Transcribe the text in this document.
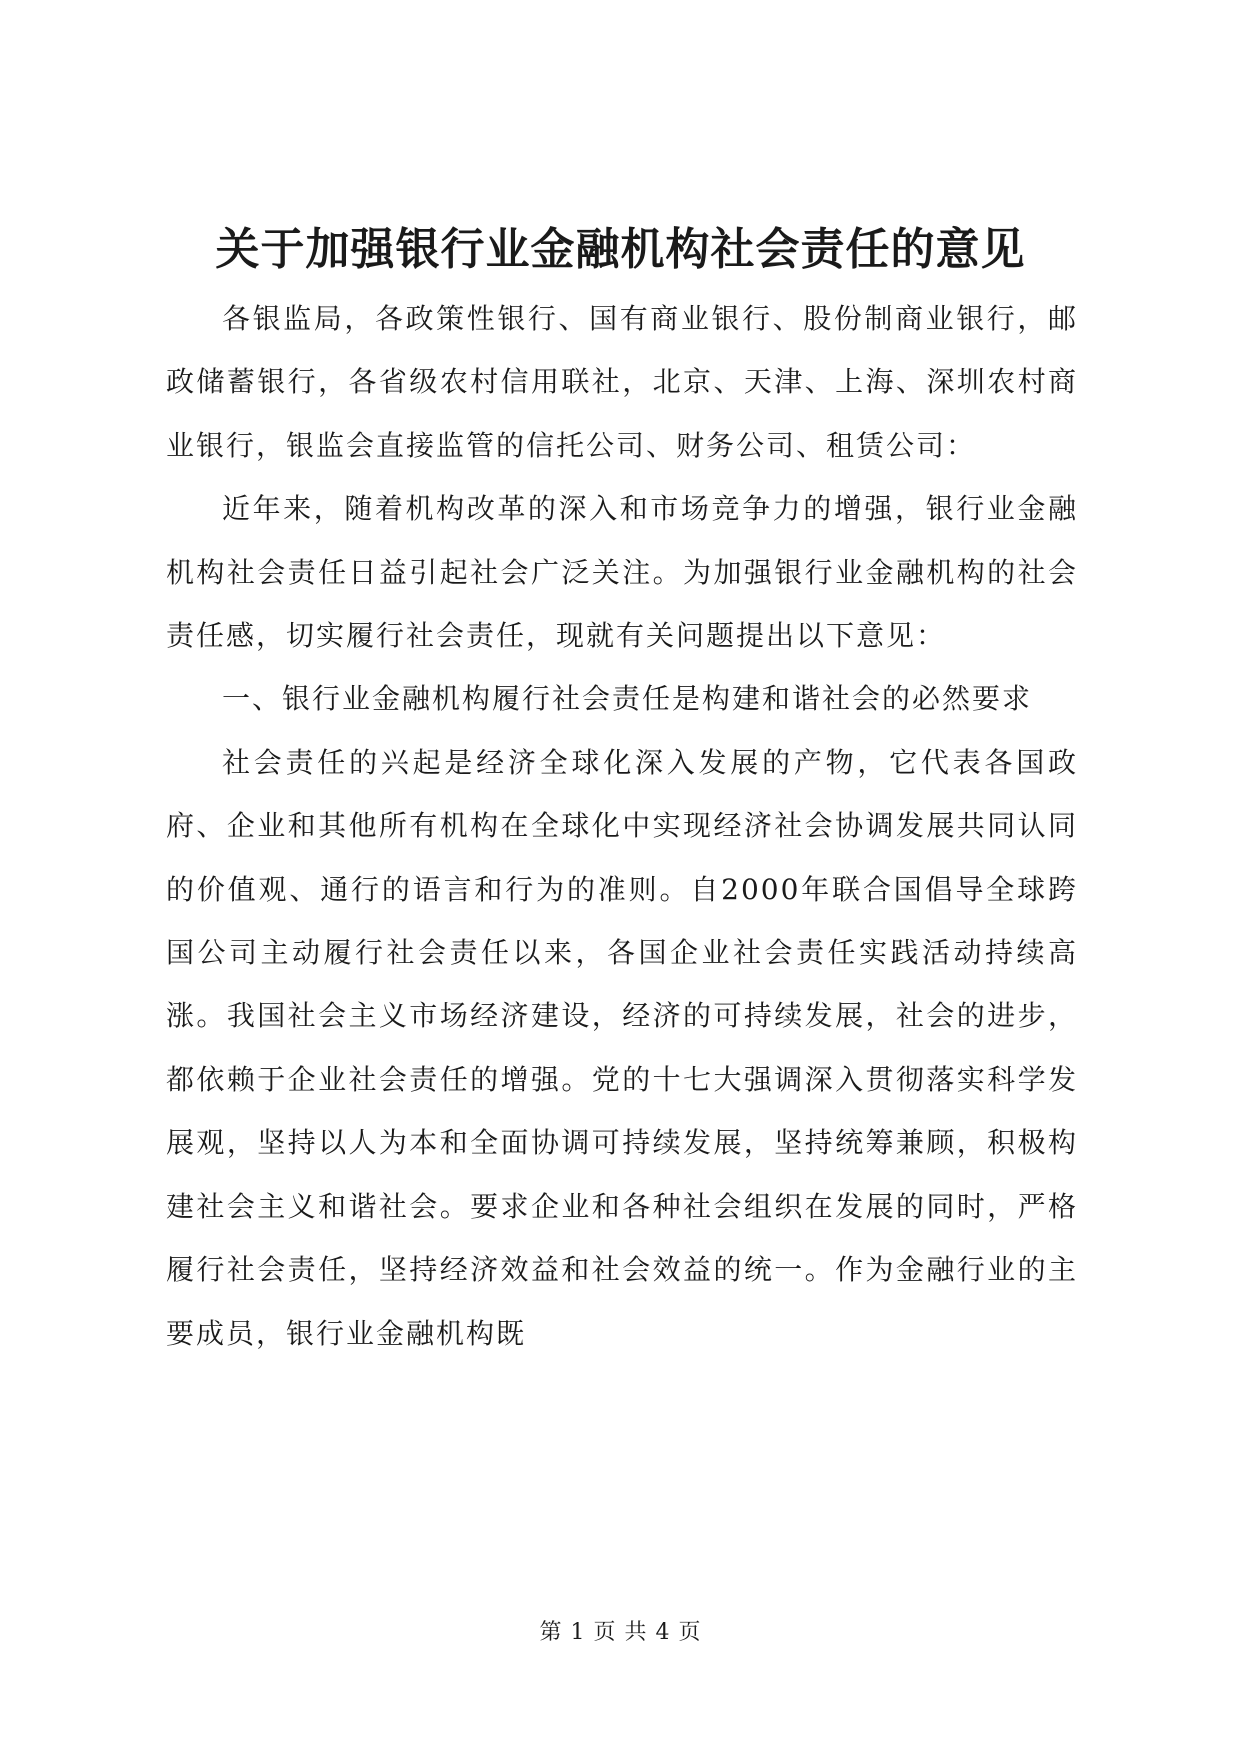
关于加强银行业金融机构社会责任的意见

各银监局，各政策性银行、国有商业银行、股份制商业银行，邮政储蓄银行，各省级农村信用联社，北京、天津、上海、深圳农村商业银行，银监会直接监管的信托公司、财务公司、租赁公司：

近年来，随着机构改革的深入和市场竞争力的增强，银行业金融机构社会责任日益引起社会广泛关注。为加强银行业金融机构的社会责任感，切实履行社会责任，现就有关问题提出以下意见：

一、银行业金融机构履行社会责任是构建和谐社会的必然要求

社会责任的兴起是经济全球化深入发展的产物，它代表各国政府、企业和其他所有机构在全球化中实现经济社会协调发展共同认同的价值观、通行的语言和行为的准则。自2000年联合国倡导全球跨国公司主动履行社会责任以来，各国企业社会责任实践活动持续高涨。我国社会主义市场经济建设，经济的可持续发展，社会的进步，都依赖于企业社会责任的增强。党的十七大强调深入贯彻落实科学发展观，坚持以人为本和全面协调可持续发展，坚持统筹兼顾，积极构建社会主义和谐社会。要求企业和各种社会组织在发展的同时，严格履行社会责任，坚持经济效益和社会效益的统一。作为金融行业的主要成员，银行业金融机构既

第 1 页 共 4 页
